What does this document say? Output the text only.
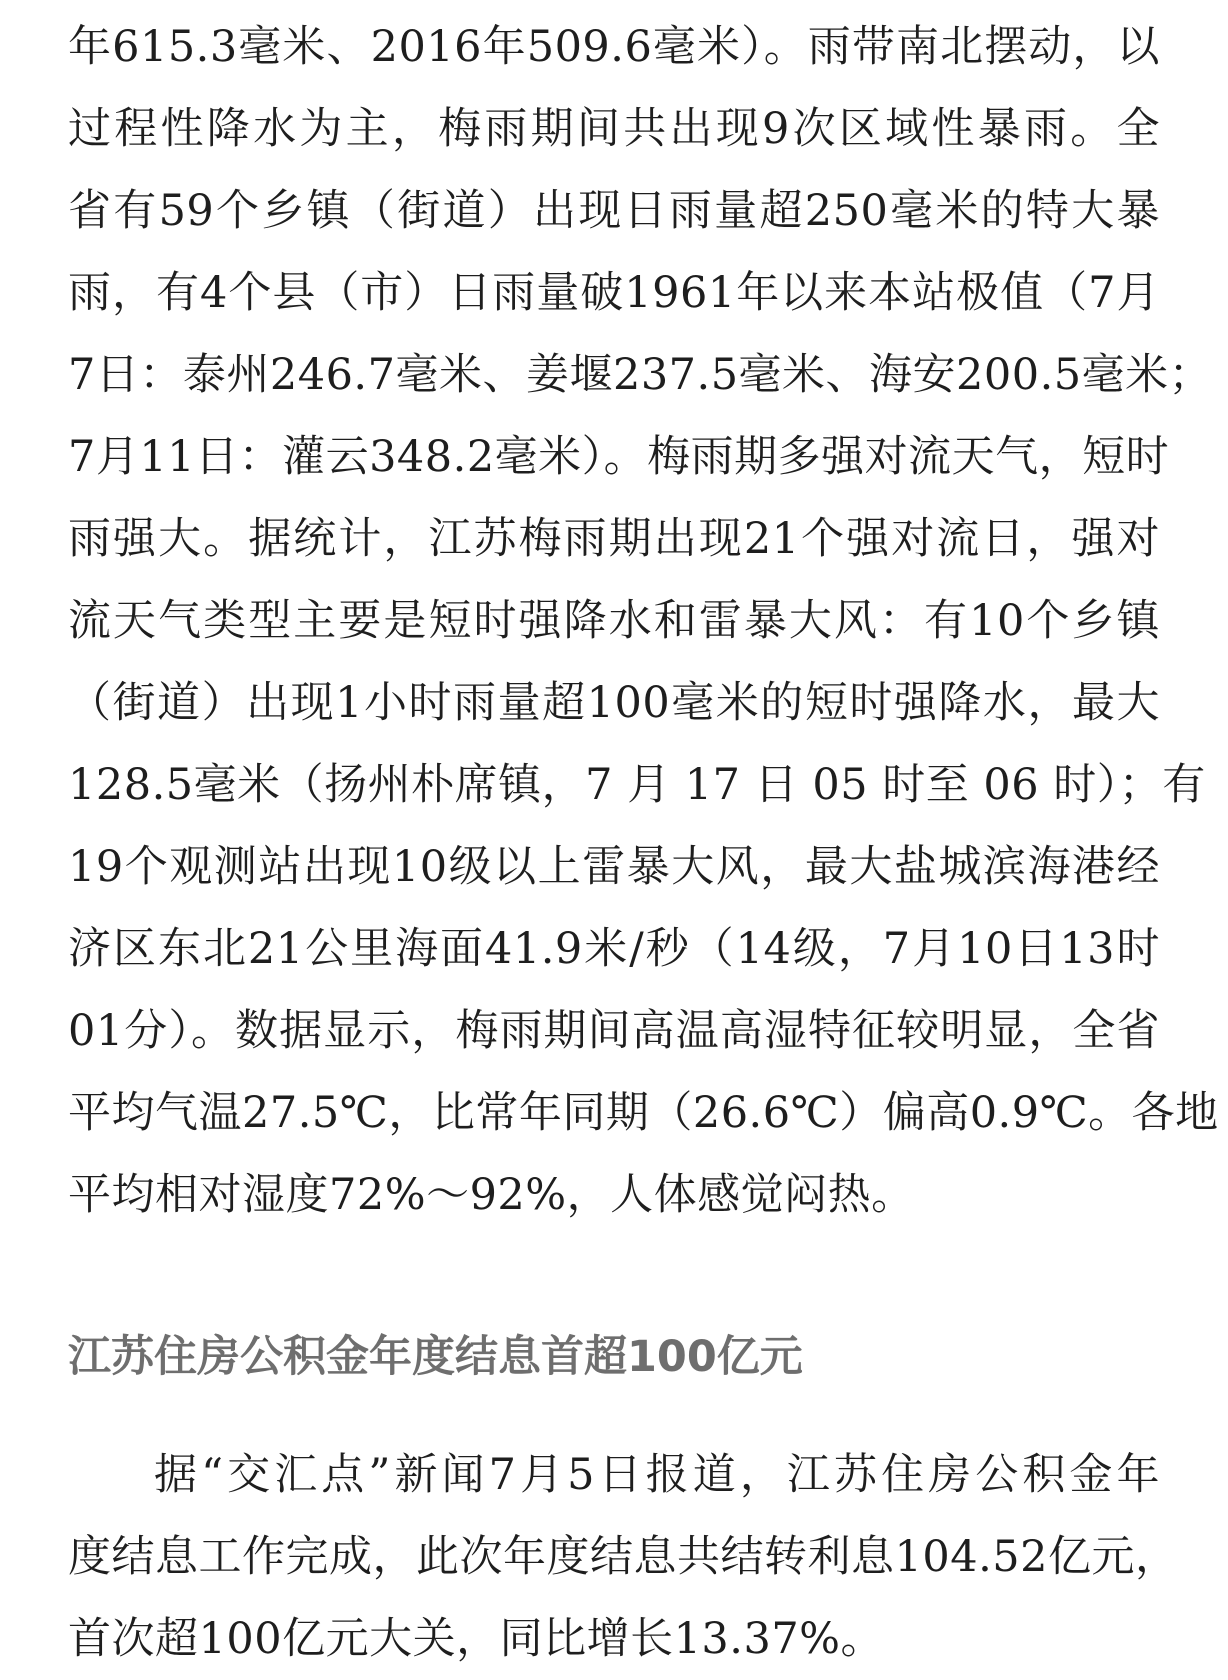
年615.3毫米、2016年509.6毫米）。雨带南北摆动，以
过程性降水为主，梅雨期间共出现9次区域性暴雨。全
省有59个乡镇（街道）出现日雨量超250毫米的特大暴
雨，有4个县（市）日雨量破1961年以来本站极值（7月
7日：泰州246.7毫米、姜堰237.5毫米、海安200.5毫米；
7月11日：灌云348.2毫米）。梅雨期多强对流天气，短时
雨强大。据统计，江苏梅雨期出现21个强对流日，强对
流天气类型主要是短时强降水和雷暴大风：有10个乡镇
（街道）出现1小时雨量超100毫米的短时强降水，最大
128.5毫米（扬州朴席镇，7 月 17 日 05 时至 06 时）；有
19个观测站出现10级以上雷暴大风，最大盐城滨海港经
济区东北21公里海面41.9米/秒（14级，7月10日13时
01分）。数据显示，梅雨期间高温高湿特征较明显，全省
平均气温27.5℃，比常年同期（26.6℃）偏高0.9℃。各地
平均相对湿度72%～92%，人体感觉闷热。
江苏住房公积金年度结息首超100亿元
据“交汇点”新闻7月5日报道，江苏住房公积金年
度结息工作完成，此次年度结息共结转利息104.52亿元，
首次超100亿元大关，同比增长13.37%。
